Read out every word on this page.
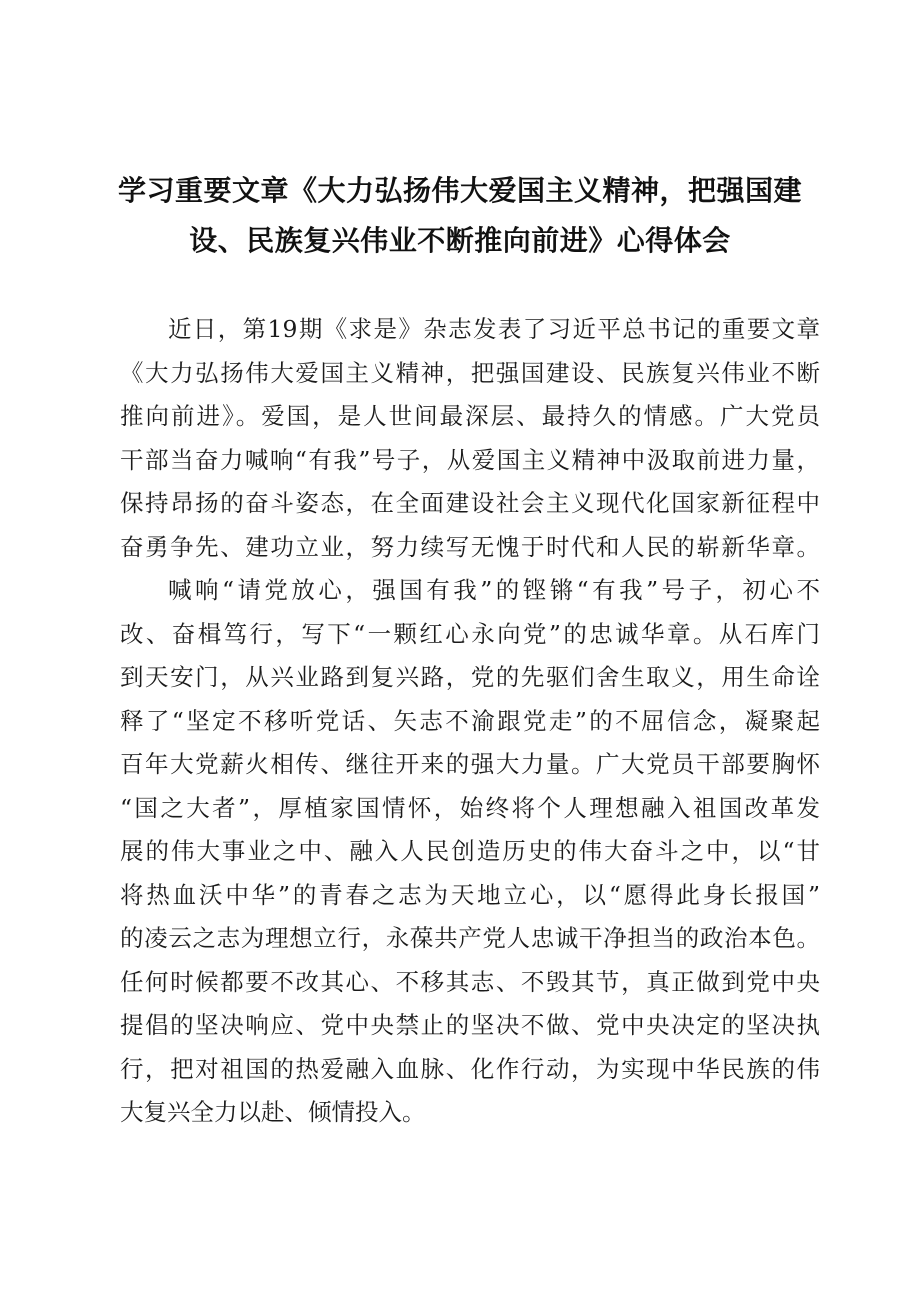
学习重要文章《大力弘扬伟大爱国主义精神，把强国建
设、民族复兴伟业不断推向前进》心得体会
近日，第19期《求是》杂志发表了习近平总书记的重要文章
《大力弘扬伟大爱国主义精神，把强国建设、民族复兴伟业不断
推向前进》。爱国，是人世间最深层、最持久的情感。广大党员
干部当奋力喊响“有我”号子，从爱国主义精神中汲取前进力量，
保持昂扬的奋斗姿态，在全面建设社会主义现代化国家新征程中
奋勇争先、建功立业，努力续写无愧于时代和人民的崭新华章。
喊响“请党放心，强国有我”的铿锵“有我”号子，初心不
改、奋楫笃行，写下“一颗红心永向党”的忠诚华章。从石库门
到天安门，从兴业路到复兴路，党的先驱们舍生取义，用生命诠
释了“坚定不移听党话、矢志不渝跟党走”的不屈信念，凝聚起
百年大党薪火相传、继往开来的强大力量。广大党员干部要胸怀
“国之大者”，厚植家国情怀，始终将个人理想融入祖国改革发
展的伟大事业之中、融入人民创造历史的伟大奋斗之中，以“甘
将热血沃中华”的青春之志为天地立心，以“愿得此身长报国”
的凌云之志为理想立行，永葆共产党人忠诚干净担当的政治本色。
任何时候都要不改其心、不移其志、不毁其节，真正做到党中央
提倡的坚决响应、党中央禁止的坚决不做、党中央决定的坚决执
行，把对祖国的热爱融入血脉、化作行动，为实现中华民族的伟
大复兴全力以赴、倾情投入。
